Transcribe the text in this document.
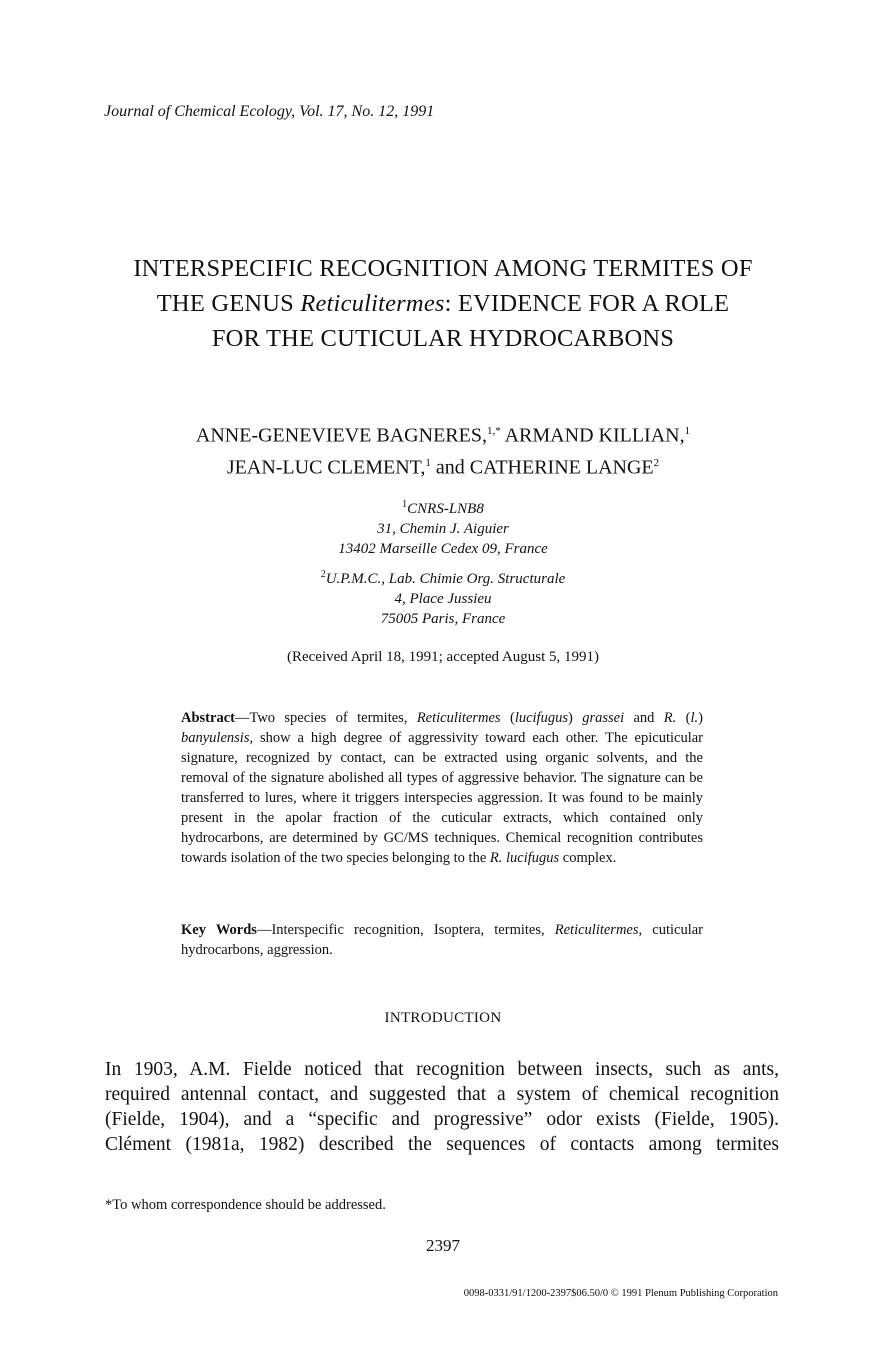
Journal of Chemical Ecology, Vol. 17, No. 12, 1991
INTERSPECIFIC RECOGNITION AMONG TERMITES OF
THE GENUS Reticulitermes: EVIDENCE FOR A ROLE
FOR THE CUTICULAR HYDROCARBONS
ANNE-GENEVIEVE BAGNERES,$^{1,*}$ ARMAND KILLIAN,$^1$
JEAN-LUC CLEMENT,$^1$ and CATHERINE LANGE$^2$
$^1$CNRS-LNB8
31, Chemin J. Aiguier
13402 Marseille Cedex 09, France
$^2$U.P.M.C., Lab. Chimie Org. Structurale
4, Place Jussieu
75005 Paris, France
(Received April 18, 1991; accepted August 5, 1991)
Abstract—Two species of termites, Reticulitermes (lucifugus) grassei and R. (l.) banyulensis, show a high degree of aggressivity toward each other. The epicuticular signature, recognized by contact, can be extracted using organic solvents, and the removal of the signature abolished all types of aggressive behavior. The signature can be transferred to lures, where it triggers interspecies aggression. It was found to be mainly present in the apolar fraction of the cuticular extracts, which contained only hydrocarbons, are determined by GC/MS techniques. Chemical recognition contributes towards isolation of the two species belonging to the R. lucifugus complex.
Key Words—Interspecific recognition, Isoptera, termites, Reticulitermes, cuticular hydrocarbons, aggression.
INTRODUCTION
In 1903, A.M. Fielde noticed that recognition between insects, such as ants,
required antennal contact, and suggested that a system of chemical recognition
(Fielde, 1904), and a “specific and progressive” odor exists (Fielde, 1905).
Clément (1981a, 1982) described the sequences of contacts among termites
*To whom correspondence should be addressed.
2397
0098-0331/91/1200-2397$06.50/0 © 1991 Plenum Publishing Corporation
